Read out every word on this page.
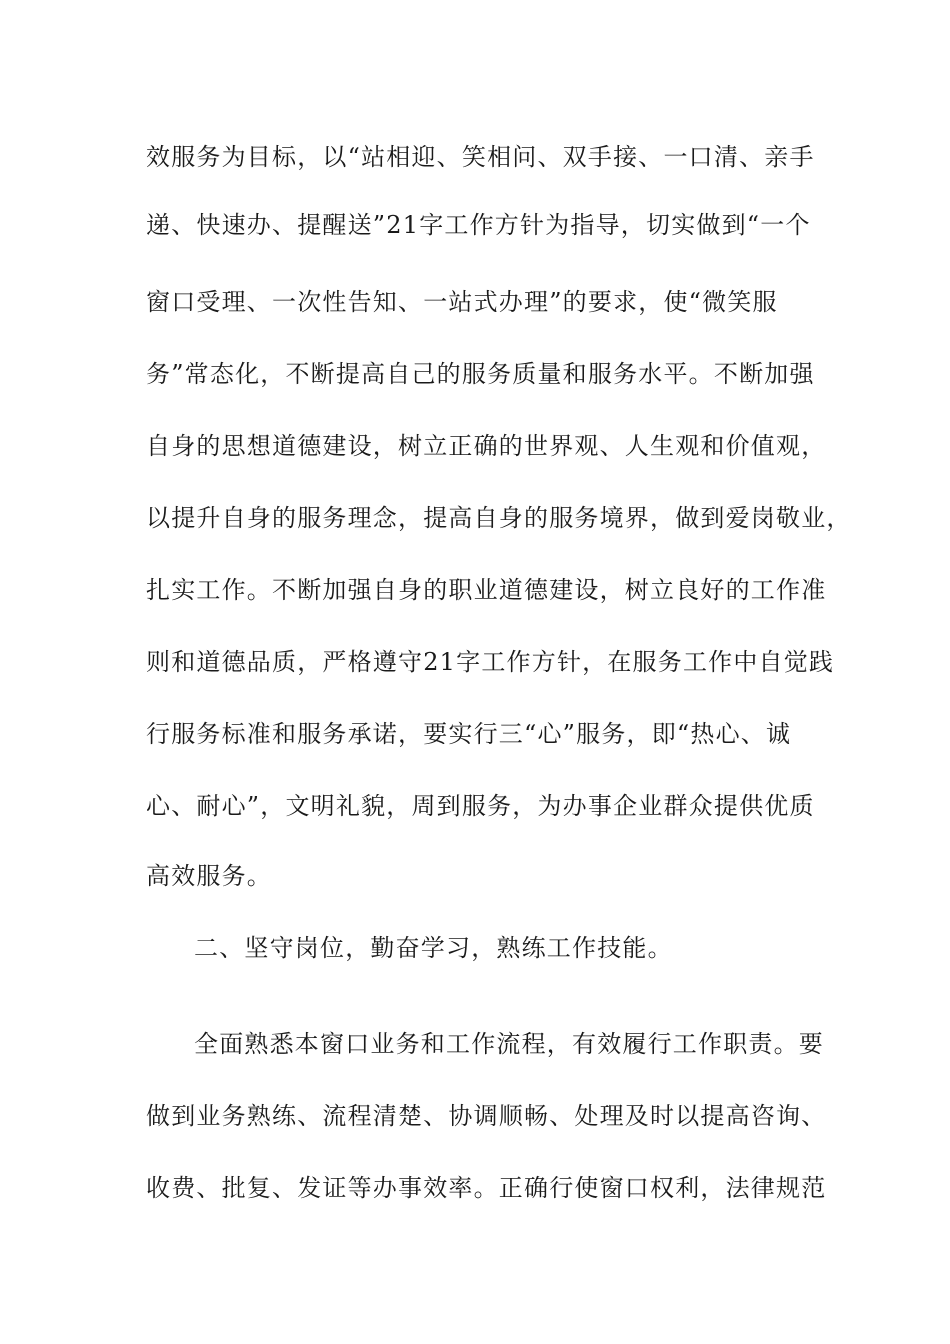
效服务为目标，以“站相迎、笑相问、双手接、一口清、亲手
递、快速办、提醒送”21字工作方针为指导，切实做到“一个
窗口受理、一次性告知、一站式办理”的要求，使“微笑服
务”常态化，不断提高自己的服务质量和服务水平。不断加强
自身的思想道德建设，树立正确的世界观、人生观和价值观，
以提升自身的服务理念，提高自身的服务境界，做到爱岗敬业，
扎实工作。不断加强自身的职业道德建设，树立良好的工作准
则和道德品质，严格遵守21字工作方针，在服务工作中自觉践
行服务标准和服务承诺，要实行三“心”服务，即“热心、诚
心、耐心”，文明礼貌，周到服务，为办事企业群众提供优质
高效服务。
二、坚守岗位，勤奋学习，熟练工作技能。
全面熟悉本窗口业务和工作流程，有效履行工作职责。要
做到业务熟练、流程清楚、协调顺畅、处理及时以提高咨询、
收费、批复、发证等办事效率。正确行使窗口权利，法律规范
